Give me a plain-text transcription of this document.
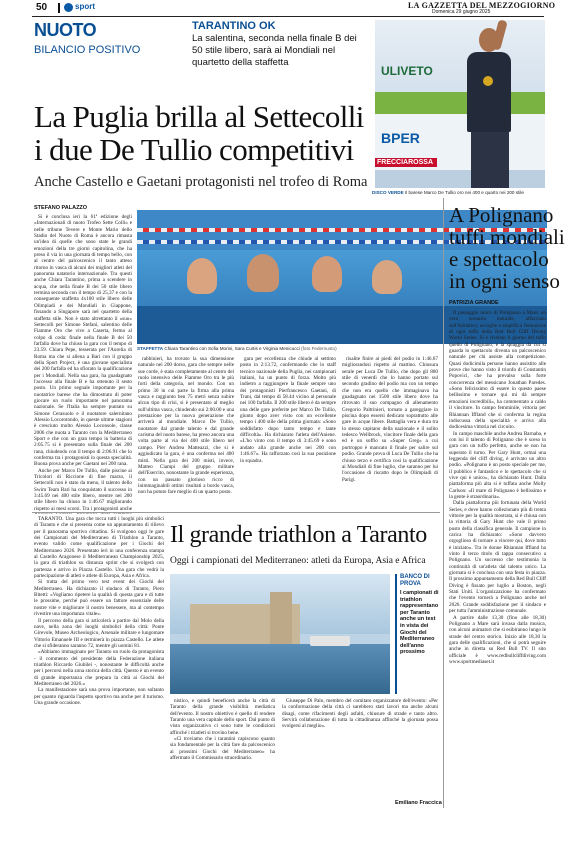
50	sport	LA GAZZETTA DEL MEZZOGIORNO
Domenica 29 giugno 2025
NUOTO
BILANCIO POSITIVO
TARANTINO OK
La salentina, seconda nella finale B dei 50 stile libero, sarà ai Mondiali nel quartetto della staffetta
ULIVETO
BPER
FRECCIAROSSA
DISCO VERDE Il barese Marco De Tullio oro nei 400 e quarto nei 200 stile
La Puglia brilla al Settecolli
i due De Tullio competitivi
Anche Castello e Gaetani protagonisti nel trofeo di Roma
STEFANO PALAZZO

Si è conclusa ieri la 61ª edizione degli «Internazionali di nuoto Trofeo Sette Colli» e nelle tribune Tevere e Monte Mario dello Stadio del Nuoto di Roma è ancora rimasta un'idea di quelle che sono state le grandi emozioni della tre giorni capitolina, che ha preso il via in una giornata di tempo bello, con al centro del palcoscenico il tanto atteso ritorno in vasca di alcuni dei migliori atleti del panorama natatorio internazionale. Tra questi anche Chiara Tarantino, prima a scendere in acqua, che nella finale B dei 50 stile libero termina seconda con il tempo di 25,37 e con la conseguente staffetta 4x100 stile libero delle Olimpiadi e dei Mondiali in Giappone, fissando a Singapore sarà nel quartetto della staffetta stile. Non è stato altrettanto il «suo» Settecolli per Simone Stefanì, salentino delle Fiamme Oro che vive a Caserta, fermo al colpo di coda: finale nella finale B dei 50 farfalla dove ha chiuso la gara con il tempo di 23.59. Chiara Pepe, tesserata per l'Aurelia di Roma ma che si allena a Bari con il gruppo della Sport Project, è una giovane specialista dei 200 farfalla ed ha sfiorato la qualificazione per i Mondiali. Nella sua gara, ha guadagnato l'accesso alla finale B e ha ottenuto il sesto posto. Un primo segnale importante per la nuotatrice barese che ha dimostrato di poter giocare un ruolo importante nel panorama nazionale. Se l'Italia ha sempre puntato su Simone Cerasuolo e il nuotatore salernitano Alessio Locorotondo, in queste ultime stagioni è cresciuto molto Alessio Loconsole, classe 2006 che nuota a Taranto con la Mediterraneo Sport e che con un gran tempo in batteria di 2:05.75 si è presentato sulla finale dei 200 rana, chiudendo con il tempo di 2:06.91 che lo conferma tra i protagonisti in questa specialità. Buona prova anche per Gaetani nei 200 rana.

Anche per Marco De Tullio, dalle piscine ai Tricolori di Riccione di fine marzo, il Settecolli non è stato da meno, il talento dello Swim Team Bari ha conquistato il successo in 3:45.69 nei 400 stile libero, mentre nei 200 stile libero ha chiuso in 1:46.67 migliorando rispetto ai mesi scorsi. Tra i protagonisti anche

STAFFETTA Chiara Tarantino con Sofia Morini, Sara Curtis e Virginia Menicucci (foto Federnuoto)

rabbinieri, ha trovato la sua dimensione naturale nei 200 dorso, gara che sempre nelle sue corde, è stata completamente al centro del ruolo intensivo delle Fiamme Oro tra le più forti della categoria, nel mondo. Con un primo 30 in cui parte la firma alla prima vasca e raggiunto ben 75 metri senza subire alcun tipo di crisi, si è presentato al meglio sull'ultima vasca, chiudendo sui 2:00.00 e una prestazione per la nuova generazione che arriverà al mondiale. Marco De Tullio, nuotatore dal grande talento e dal grande carisma del nuoto barese, ha preso ancora una volta parte al via dei 400 stile libero nel campo. Pier Andrea Matteazzi, che si è aggiudicato la gara, è una conferma nei 400 misti. Nella gara dei 200 misti, invece, Matteo Ciampi del gruppo militare dell'Esercito, nonostante la grande esperienza, con un passato glorioso ricco di inimmaginabili ottimi risultati a bordo vasca, non ha potuto fare meglio di un quarto posto.

gara per eccellenza che chiude al settimo posto in 2:13.72, confermando che lo staff tecnico nazionale della Puglia, nei campionati italiani, ha un punto di forza. Molto più indietro a raggiungere la finale sempre uno dei protagonisti Pierfrancesco Gaetani, di Trani, dal tempo di 58.44 vicino al personale nei 100 farfalla. Il 200 stile libero è da sempre una delle gare preferite per Marco De Tullio, giunto dopo aver visto con un eccellente tempo i 400 stile della prima giornata: «Sono soddisfatto dopo tanto tempo e tante difficoltà». Ha dichiarato l'atleta dell'Aniene. «L'ho vinto con il tempo di 3:45.69 e sono andato alla grande anche nei 200 con 1:46.67». Ha rafforzato così la sua posizione in squadra.

risalite finire ai piedi del podio in 1:46.67 migliorandosi rispetto al mattino. Chiusura serale per Luca De Tullio, che dopo gli 800 stile di venerdì che lo hanno portato sul secondo gradino del podio ma con un tempo che non era quello che immaginava ha guadagnato nei 1500 stile libero dove ha ritrovato il suo compagno di allenamento Gregorio Paltrinieri, tornato a gareggiare in piscina dopo essersi dedicato soprattutto alle gare in acque libere. Battaglia vera e dura tra lo stesso capitano della nazionale e il solito tedesco Wellbrock, vincitore finale della gara ed è un soffio su «Super Greg» a cui purtroppo è mancato il finale per salire sul podio. Grande prova di Luca De Tullio che ha chiuso terzo e certifica così la qualificazione ai Mondiali di fine luglio, che saranno per lui l'occasione di riscatto dopo le Olimpiadi di Parigi.

A Polignano
tuffi mondiali
e spettacolo
in ogni senso
PATRIZIA GRANDE

Il passaggio unico di Polignano a Mare, un vero scenario naturale, affacciato sull'Adriatico, accoglie e amplifica l'emozione di ogni tuffo della Red Bull Cliff Diving World Series. Si è rivelato il giorno del tuffo quello di Polignano, e la spiaggia da cui si guarda lo spettacolo diventa un palcoscenico naturale per chi assiste alla competizione. Quasi dodicimila persone hanno assistito alle prove che hanno visto il trionfo di Constantin Popovici, che ha prevalso sulla forte concorrenza del messicano Jonathan Paredes. «Sono felicissimo di essere in questo paese bellissimo e tornare qui mi dà sempre emozioni incredibili», ha commentato a caldo il vincitore. In campo femminile, vittoria per Rhiannan Iffland che si conferma la regina indiscussa della specialità e arriva alla dodicesima vittoria nel circuito.

In campo maschile anche Andrea Barnaba, e con lui il talento di Polignano che è sceso in gara con un tuffo perfetto, anche se non ha superato il turno. Per Gary Hunt, ormai una leggenda del cliff diving, è arrivato un altro podio. «Polignano è un posto speciale per me, il pubblico è fantastico e lo spettacolo che si vive qui è unico», ha dichiarato Hunt. Dalla piattaforma più alta si è tuffata anche Molly Carlson: «Il mare di Polignano è bellissimo e la gente è straordinaria».

Dalla piattaforma più fortunata della World Series, e dove hanno collezionato più di trenta vittorie per la qualità mostrata, si è chiusa con la vittoria di Gary Hunt che vale il primo posto della classifica generale. Il campione in carica ha dichiarato: «Sono davvero orgoglioso di tornare a vincere qui, dove tutto è iniziato». Tra le donne Rhiannan Iffland ha vinto il terzo titolo di tappa consecutivo a Polignano. Un successo che testimonia la continuità di un'atleta dal talento unico. La giornata si è conclusa con una festa in piazza. Il prossimo appuntamento della Red Bull Cliff Diving è fissato per luglio a Boston, negli Stati Uniti. L'organizzazione ha confermato che l'evento tornerà a Polignano anche nel 2026. Grande soddisfazione per il sindaco e per tutta l'amministrazione comunale.

A partire dalle 13,30 (fino alle 18,30) Polignano a Mare sarà invasa dalla musica, con alcuni animatori che si esibiranno lungo le strade del centro storico. Inizio alle 18,30 la gara delle qualificazioni, che si potrà seguire anche in diretta su Red Bull TV. Il sito ufficiale è www.redbullcliffdiving.com www.sportmediaset.it

TARANTO. Una gara che tocca tutti i luoghi più simbolici di Taranto e che si presenta come un appuntamento di rilievo per il panorama sportivo cittadino. Si svolgono oggi le gare dei Campionati del Mediterraneo di Triathlon a Taranto, evento valido come qualificazione per i Giochi del Mediterraneo 2026. Presentato ieri in una conferenza stampa al Castello Aragonese il Mediterranean Championship 2025, la gara di triathlon su distanza sprint che si svolgerà con partenza e arrivo in Piazza Castello. Una gara che vedrà la partecipazione di atleti e atlete di Europa, Asia e Africa.

Si tratta del primo vero test event dei Giochi del Mediterraneo. Ha dichiarato il sindaco di Taranto, Piero Bitetti: «Vogliamo ripetere la qualità di questa gara e di tutte le prossime, perché può essere un fattore essenziale delle nostre vite e migliorare il nostro benessere, ma al contempo rivestire una importanza vitale».

Il percorso della gara si articolerà a partire dal Molo della nave, nella zona dei luoghi simbolici della città: Ponte Girevole, Museo Archeologico, Arsenale militare e lungomare Vittorio Emanuele III e terminerà in piazza Castello. Le atlete che si sfideranno saranno 72, mentre gli uomini 81.

«Abbiamo immaginato per Taranto un ruolo da protagonista - il commento del presidente della Federazione italiana triathlon Riccardo Giubilei -, nonostante le difficoltà anche per i percorsi nella zona storica della città. Questo è un evento di grande importanza che prepara la città ai Giochi del Mediterraneo del 2026.»

La manifestazione sarà una prova importante, non soltanto per quanto riguarda l'aspetto sportivo ma anche per il turismo. Una grande occasione.

Il grande triathlon a Taranto
Oggi i campionati del Mediterraneo: atleti da Europa, Asia e Africa
BANCO DI PROVA
I campionati di triathlon rappresentano per Taranto anche un test in vista dei Giochi del Mediterraneo dell'anno prossimo

nistico, e quindi beneficerà anche la città di Taranto della grande visibilità mediatica dell'evento. Il nostro obiettivo è quello di rendere Taranto una vera capitale dello sport. Dal punto di vista organizzativo ci sono tutte le condizioni affinché i triatleti si trovino bene.

«Ci troviamo che i tarantini capiscono quanto sia fondamentale per la città fare da palcoscenico ai prossimi Giochi del Mediterraneo» ha affermato il Commissario straordinario.

Giuseppe Di Palo, membro del comitato organizzatore dell'evento: «Per la conformazione della città ci sarebbero stati lavori ma anche alcuni disagi, come rifacimenti degli asfalti, chiusure di strade e tanto altro. Servirà collaborazione di tutta la cittadinanza affinché la giornata possa svolgersi al meglio».

Emiliano Fraccica
